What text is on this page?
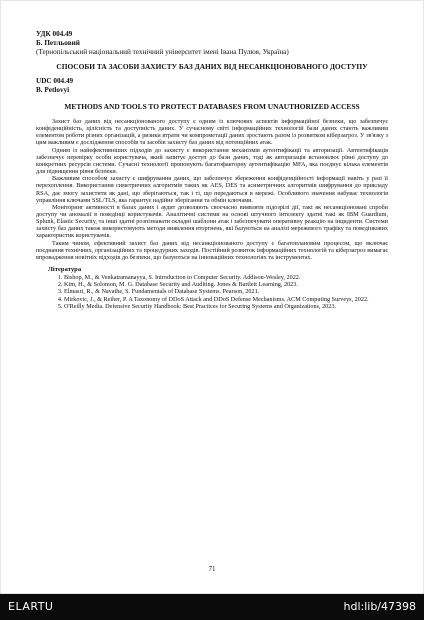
УДК 004.49
Б. Петльовий
(Тернопільський національний технічний університет імені Івана Пулюя, Україна)
СПОСОБИ ТА ЗАСОБИ ЗАХИСТУ БАЗ ДАНИХ ВІД НЕСАНКЦІОНОВАНОГО ДОСТУПУ
UDC 004.49
B. Petlovyi
METHODS AND TOOLS TO PROTECT DATABASES FROM UNAUTHORIZED ACCESS

Захист баз даних від несанкціонованого доступу є одним із ключових аспектів інформаційної безпеки, що забезпечує конфіденційність, цілісність та доступність даних. У сучасному світі інформаційних технологій бази даних стають важливим елементом роботи різних організацій, а ризики втрати чи компрометації даних зростають разом із розвитком кіберзагроз. У зв'язку з цим важливим є дослідження способів та засобів захисту баз даних від потенційних атак.

Одним із найефективніших підходів до захисту є використання механізмів аутентифікації та авторизації. Автентифікація забезпечує перевірку особи користувача, який запитує доступ до бази даних, тоді як авторизація встановлює рівні доступу до конкретних ресурсів системи. Сучасні технології пропонують багатофакторну аутентифікацію MFA, яка поєднує кілька елементів для підвищення рівня безпеки.

Важливим способом захисту є шифрування даних, що забезпечує збереження конфіденційності інформації навіть у разі її перехоплення. Використання симетричних алгоритмів таких як AES, DES та асиметричних алгоритмів шифрування до прикладу RSA, дає змогу захистити як дані, що зберігаються, так і ті, що передаються в мережі. Особливого значення набуває технологія управління ключами SSL/TLS, яка гарантує надійне зберігання та обмін ключами.

Моніторинг активності в базах даних і аудит дозволяють своєчасно виявляти підозрілі дії, такі як несанкціоновані спроби доступу чи аномалії в поведінці користувачів. Аналітичні системи на основі штучного інтелекту здатні такі як IBM Guardium, Splunk, Elastic Security, та інші здатні розпізнавати складні шаблони атак і забезпечувати оперативну реакцію на інциденти. Системи захисту баз даних також використовують методи виявлення вторгнень, які базуються на аналізі мережевого трафіку та поведінкових характеристик користувачів.

Таким чином, ефективний захист баз даних від несанкціонованого доступу є багатоплановим процесом, що включає поєднання технічних, організаційних та процедурних заходів. Постійний розвиток інформаційних технологій та кіберзагроз вимагає впровадження новітніх підходів до безпеки, що базуються на інноваційних технологіях та інструментах.

Література
1. Bishop, M., & Venkatramanayya, S. Introduction to Computer Security. Addison-Wesley, 2022.
2. Kim, H., & Solomon, M. G. Database Security and Auditing. Jones & Bartlett Learning, 2023.
3. Elmasri, R., & Navathe, S. Fundamentals of Database Systems. Pearson, 2021.
4. Mirkovic, J., & Reiher, P. A Taxonomy of DDoS Attack and DDoS Defense Mechanisms. ACM Computing Surveys, 2022.
5. O'Reilly Media. Defensive Security Handbook: Best Practices for Securing Systems and Organizations, 2023.
71
ELARTU	hdl:lib/47398
